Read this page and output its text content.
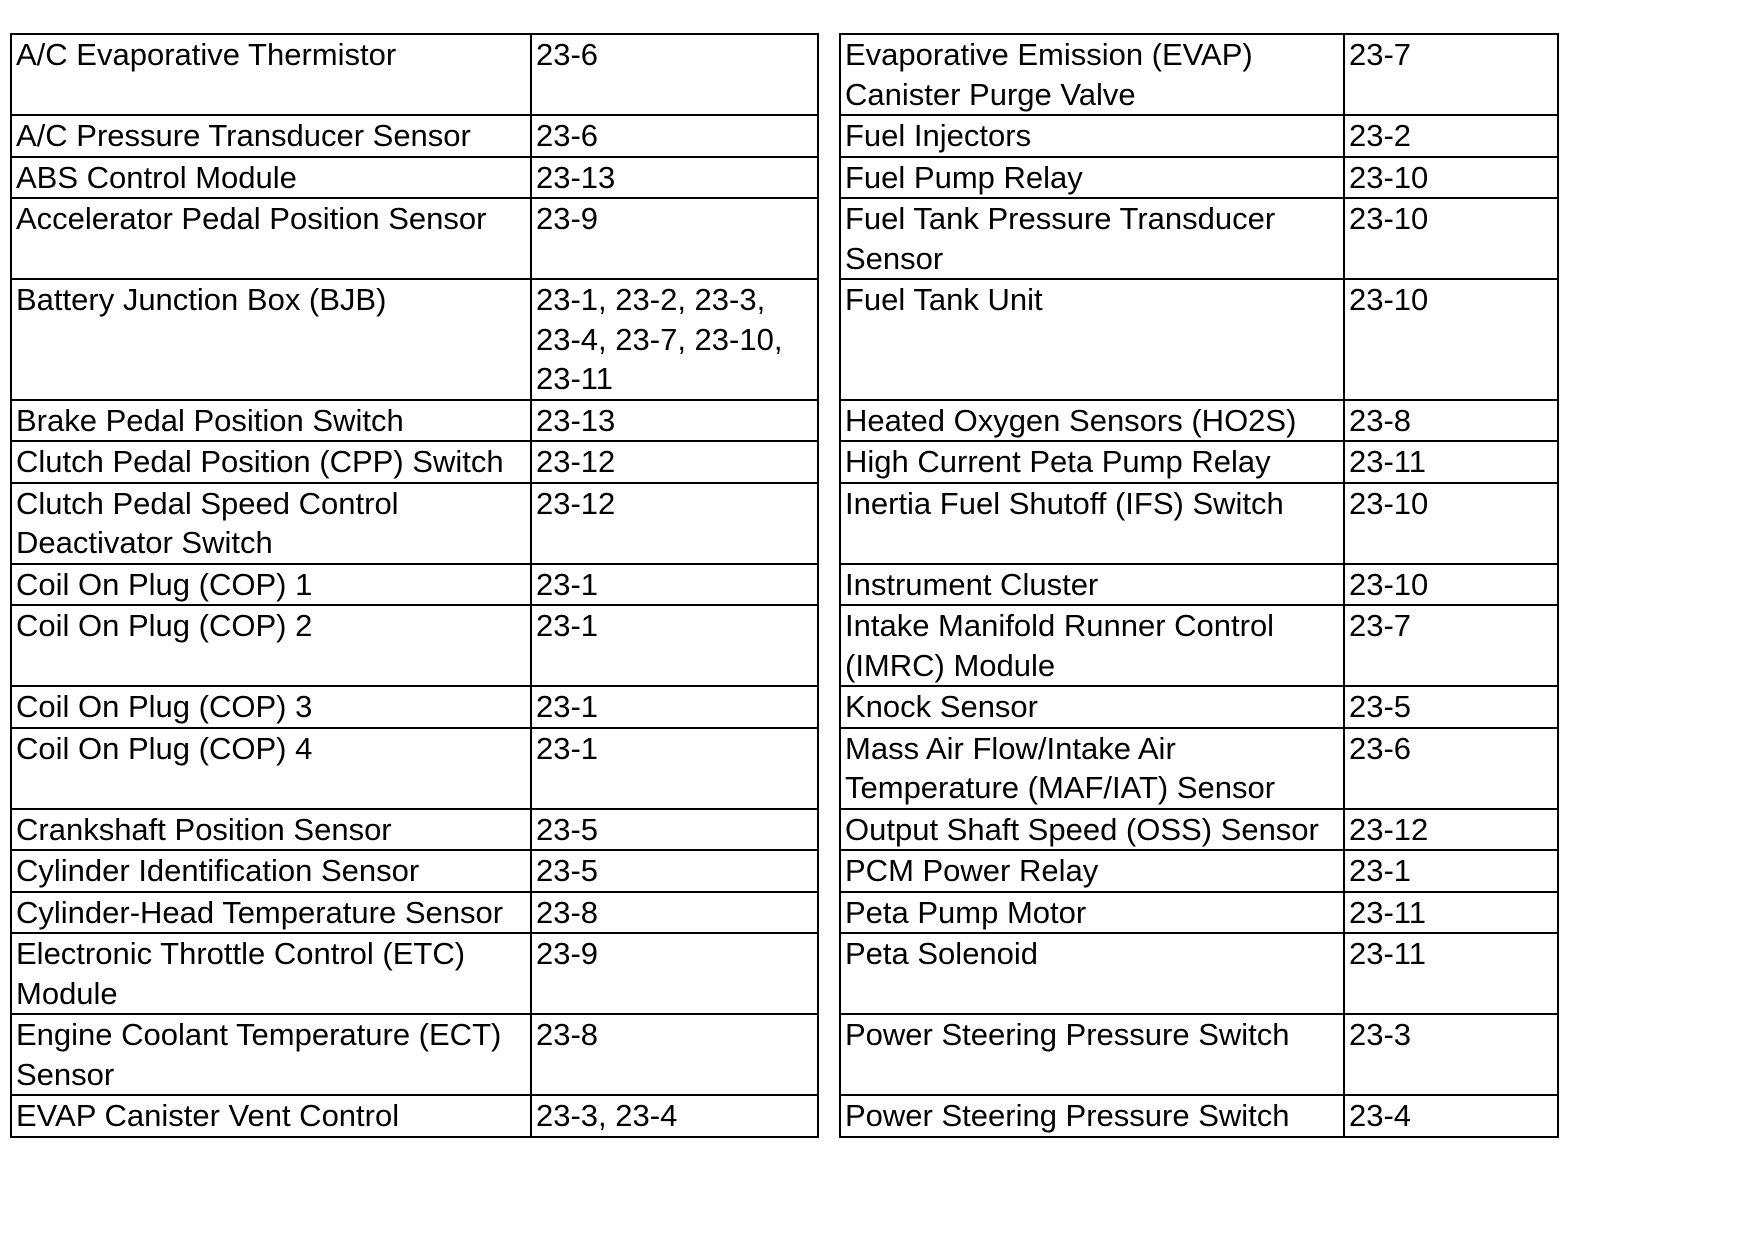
A/C Evaporative Thermistor	23-6		Evaporative Emission (EVAP)
Canister Purge Valve	23-7
A/C Pressure Transducer Sensor	23-6		Fuel Injectors	23-2
ABS Control Module	23-13		Fuel Pump Relay	23-10
Accelerator Pedal Position Sensor	23-9		Fuel Tank Pressure Transducer
Sensor	23-10
Battery Junction Box (BJB)	23-1, 23-2, 23-3,
23-4, 23-7, 23-10,
23-11		Fuel Tank Unit	23-10
Brake Pedal Position Switch	23-13		Heated Oxygen Sensors (HO2S)	23-8
Clutch Pedal Position (CPP) Switch	23-12		High Current Peta Pump Relay	23-11
Clutch Pedal Speed Control
Deactivator Switch	23-12		Inertia Fuel Shutoff (IFS) Switch	23-10
Coil On Plug (COP) 1	23-1		Instrument Cluster	23-10
Coil On Plug (COP) 2	23-1		Intake Manifold Runner Control
(IMRC) Module	23-7
Coil On Plug (COP) 3	23-1		Knock Sensor	23-5
Coil On Plug (COP) 4	23-1		Mass Air Flow/Intake Air
Temperature (MAF/IAT) Sensor	23-6
Crankshaft Position Sensor	23-5		Output Shaft Speed (OSS) Sensor	23-12
Cylinder Identification Sensor	23-5		PCM Power Relay	23-1
Cylinder-Head Temperature Sensor	23-8		Peta Pump Motor	23-11
Electronic Throttle Control (ETC)
Module	23-9		Peta Solenoid	23-11
Engine Coolant Temperature (ECT)
Sensor	23-8		Power Steering Pressure Switch	23-3
EVAP Canister Vent Control	23-3, 23-4		Power Steering Pressure Switch	23-4
